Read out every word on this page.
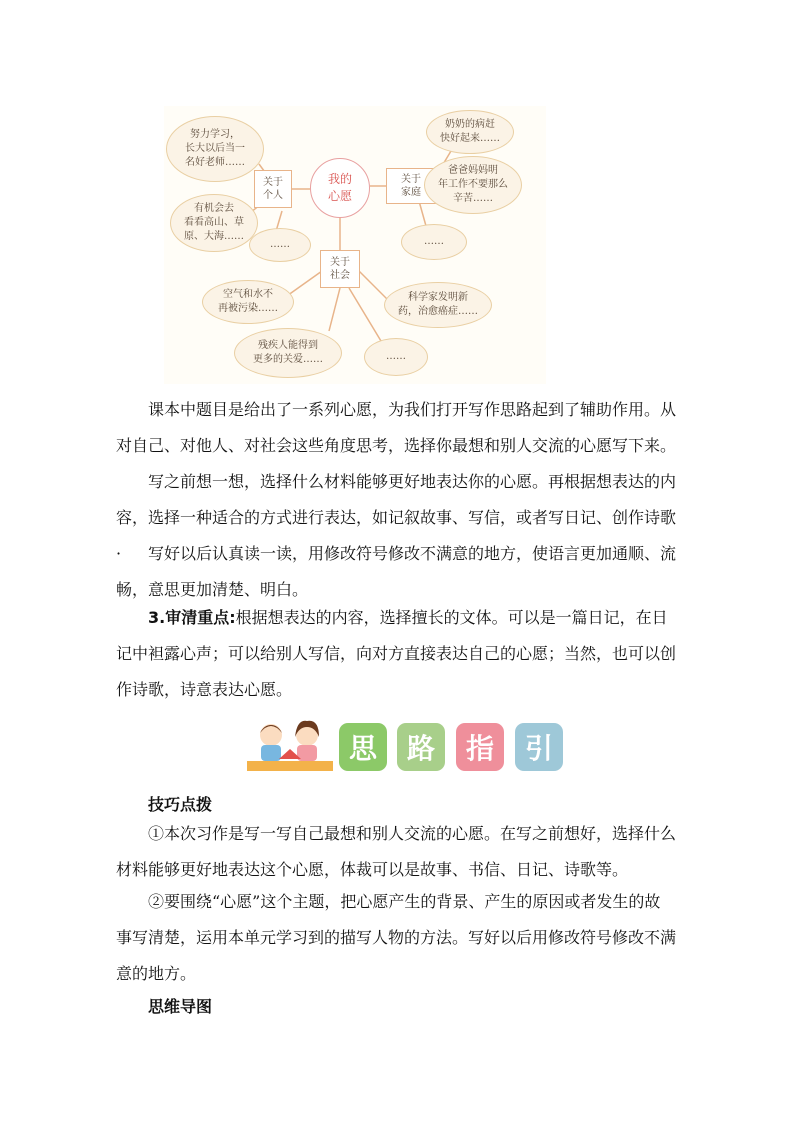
努力学习，
长大以后当一
名好老师……
有机会去
看看高山、草
原、大海……
……
关于
个人
我的
心愿
关于
家庭
奶奶的病赶
快好起来……
爸爸妈妈明
年工作不要那么
辛苦……
……
关于
社会
空气和水不
再被污染……
残疾人能得到
更多的关爱……
科学家发明新
药，治愈癌症……
……

课本中题目是给出了一系列心愿，为我们打开写作思路起到了辅助作用。从对自己、对他人、对社会这些角度思考，选择你最想和别人交流的心愿写下来。

写之前想一想，选择什么材料能够更好地表达你的心愿。再根据想表达的内容，选择一种适合的方式进行表达，如记叙故事、写信，或者写日记、创作诗歌·	写好以后认真读一读，用修改符号修改不满意的地方，使语言更加通顺、流畅，意思更加清楚、明白。

3.审清重点:根据想表达的内容，选择擅长的文体。可以是一篇日记，在日记中袒露心声；可以给别人写信，向对方直接表达自己的心愿；当然，也可以创作诗歌，诗意表达心愿。

思	路	指	引
技巧点拨

①本次习作是写一写自己最想和别人交流的心愿。在写之前想好，选择什么材料能够更好地表达这个心愿，体裁可以是故事、书信、日记、诗歌等。

②要围绕“心愿”这个主题，把心愿产生的背景、产生的原因或者发生的故事写清楚，运用本单元学习到的描写人物的方法。写好以后用修改符号修改不满意的地方。

思维导图
